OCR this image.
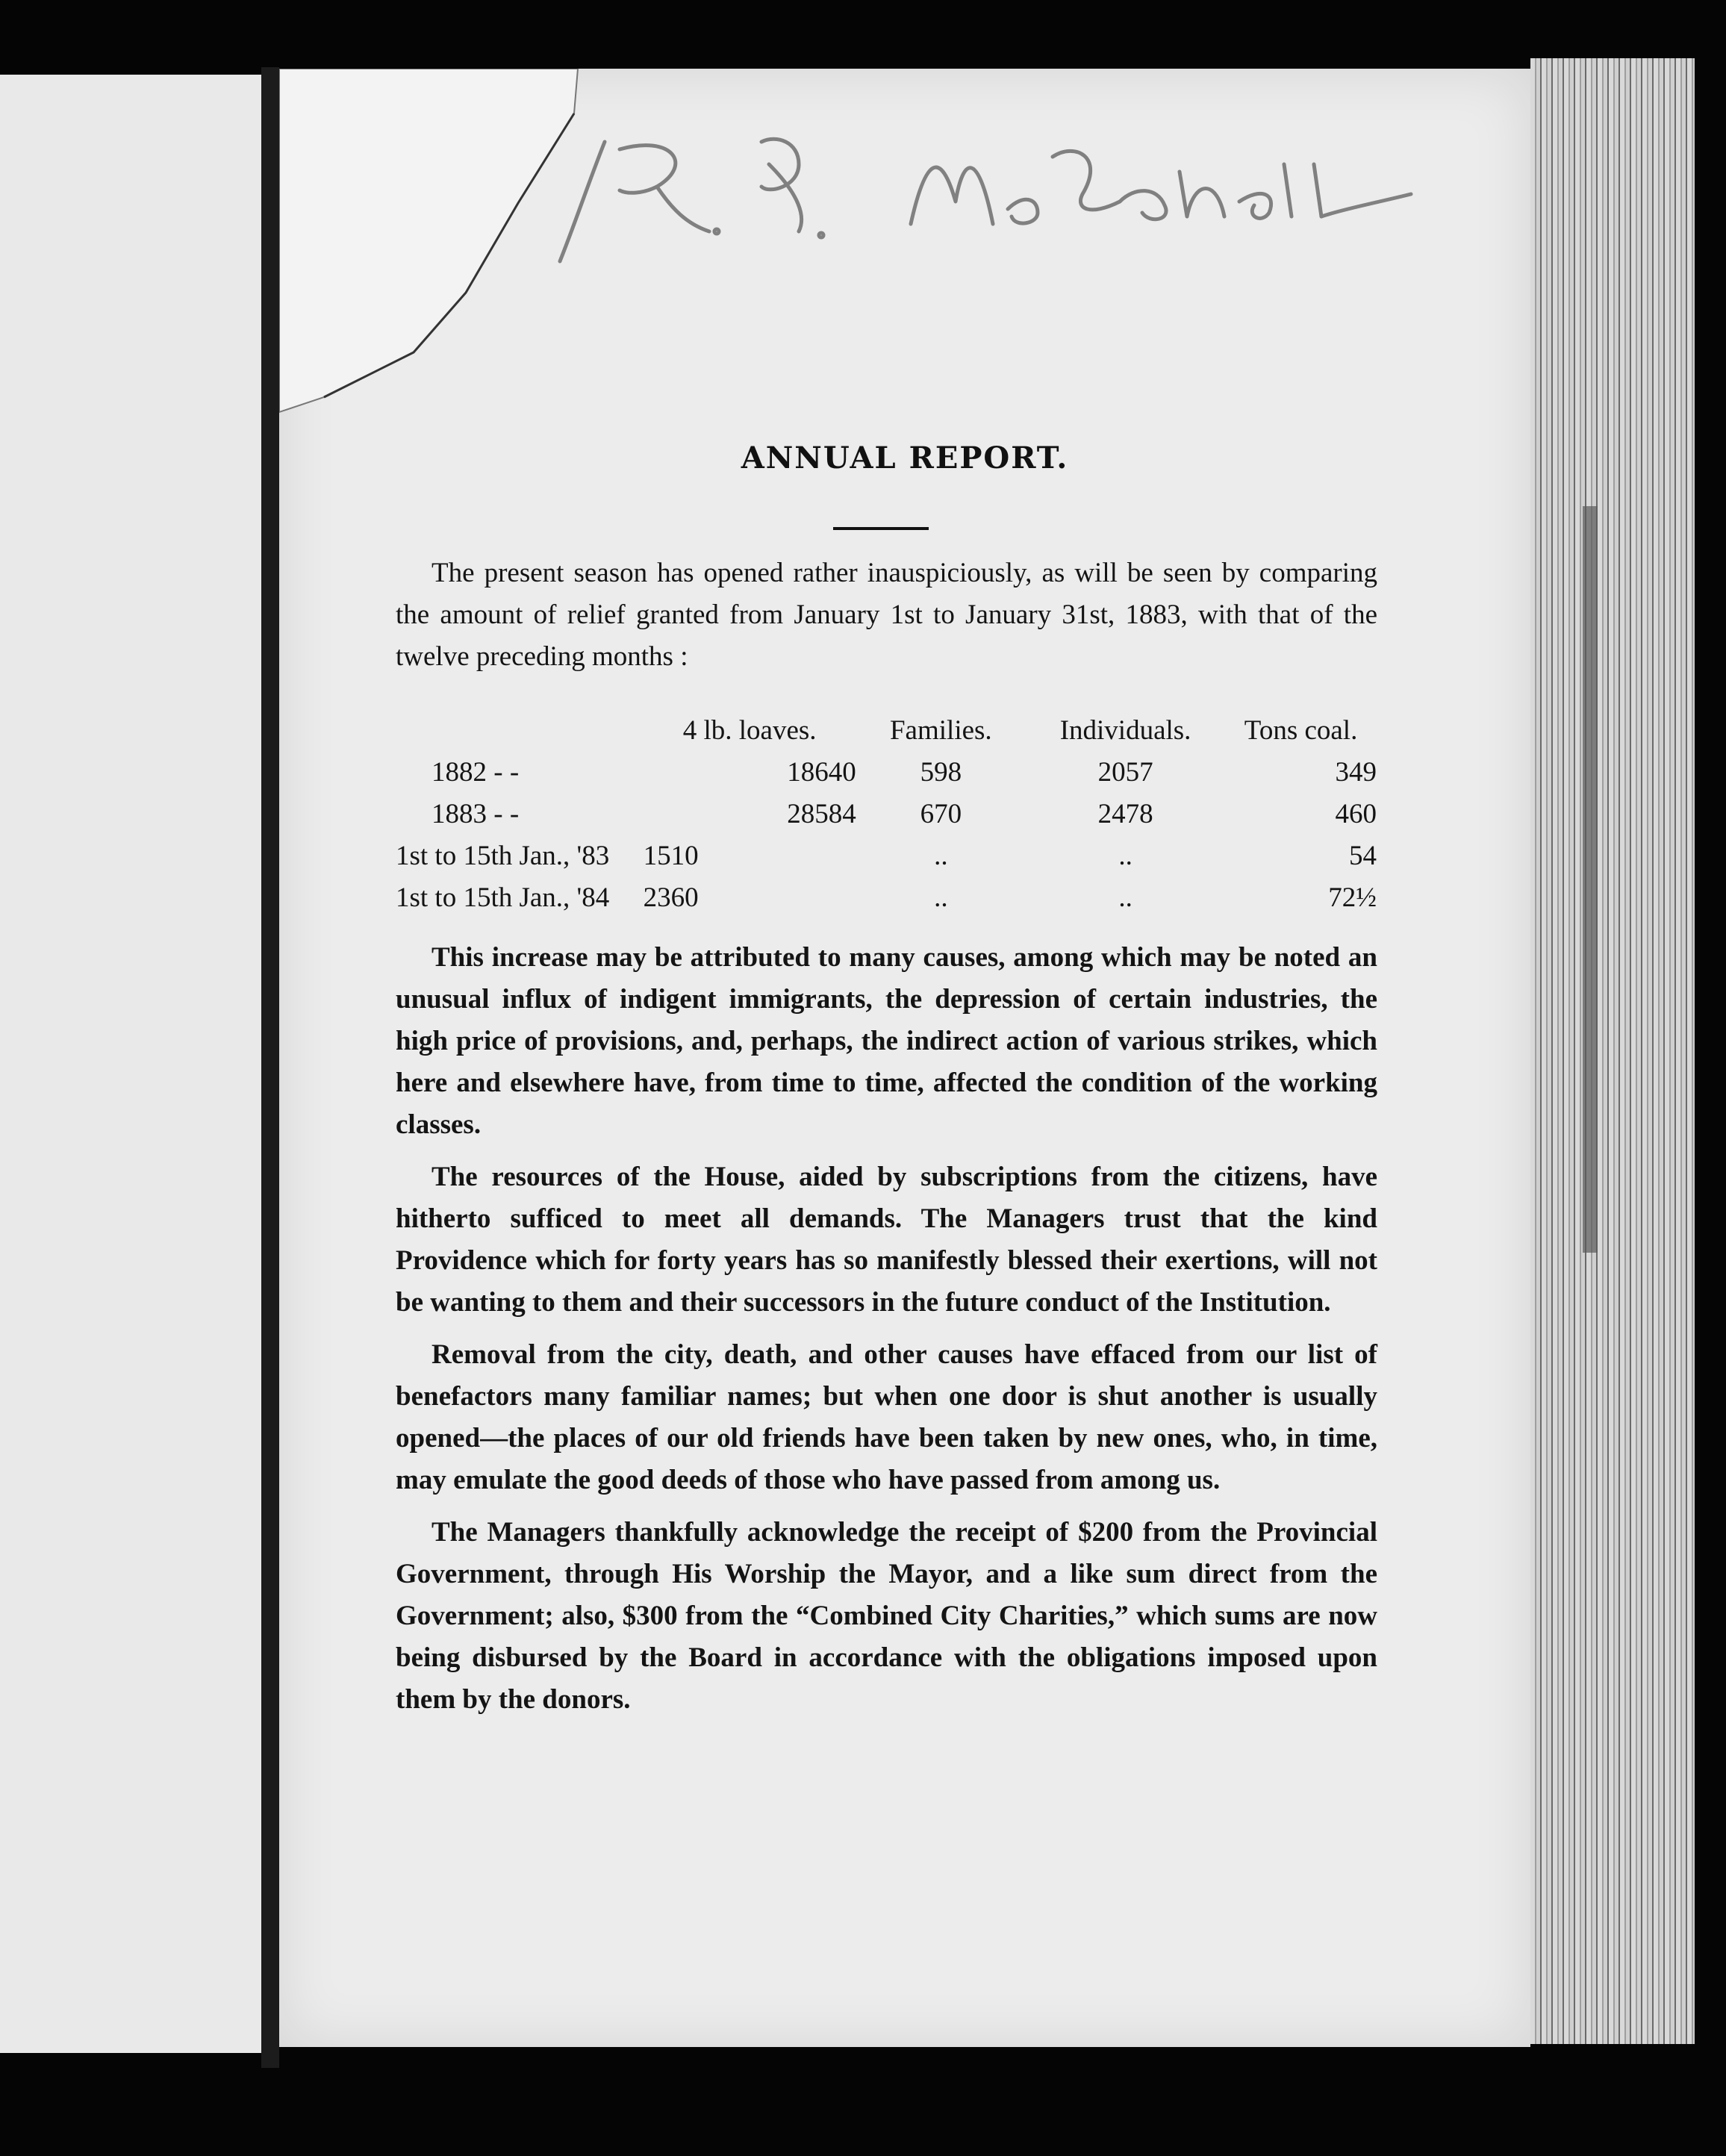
ANNUAL REPORT.

The present season has opened rather inauspiciously, as will be seen by comparing the amount of relief granted from January 1st to January 31st, 1883, with that of the twelve preceding months :

	4 lb. loaves.	Families.	Individuals.	Tons coal.
1882 - -	18640	598	2057	349
1883 - -	28584	670	2478	460
1st to 15th Jan., '83	1510	..	..	54
1st to 15th Jan., '84	2360	..	..	72½

This increase may be attributed to many causes, among which may be noted an unusual influx of indigent immigrants, the depression of certain industries, the high price of provisions, and, perhaps, the indirect action of various strikes, which here and elsewhere have, from time to time, affected the condition of the working classes.

The resources of the House, aided by subscriptions from the citizens, have hitherto sufficed to meet all demands. The Managers trust that the kind Providence which for forty years has so manifestly blessed their exertions, will not be wanting to them and their successors in the future conduct of the Institution.

Removal from the city, death, and other causes have effaced from our list of benefactors many familiar names; but when one door is shut another is usually opened—the places of our old friends have been taken by new ones, who, in time, may emulate the good deeds of those who have passed from among us.

The Managers thankfully acknowledge the receipt of $200 from the Provincial Government, through His Worship the Mayor, and a like sum direct from the Government; also, $300 from the “Combined City Charities,” which sums are now being disbursed by the Board in accordance with the obligations imposed upon them by the donors.
